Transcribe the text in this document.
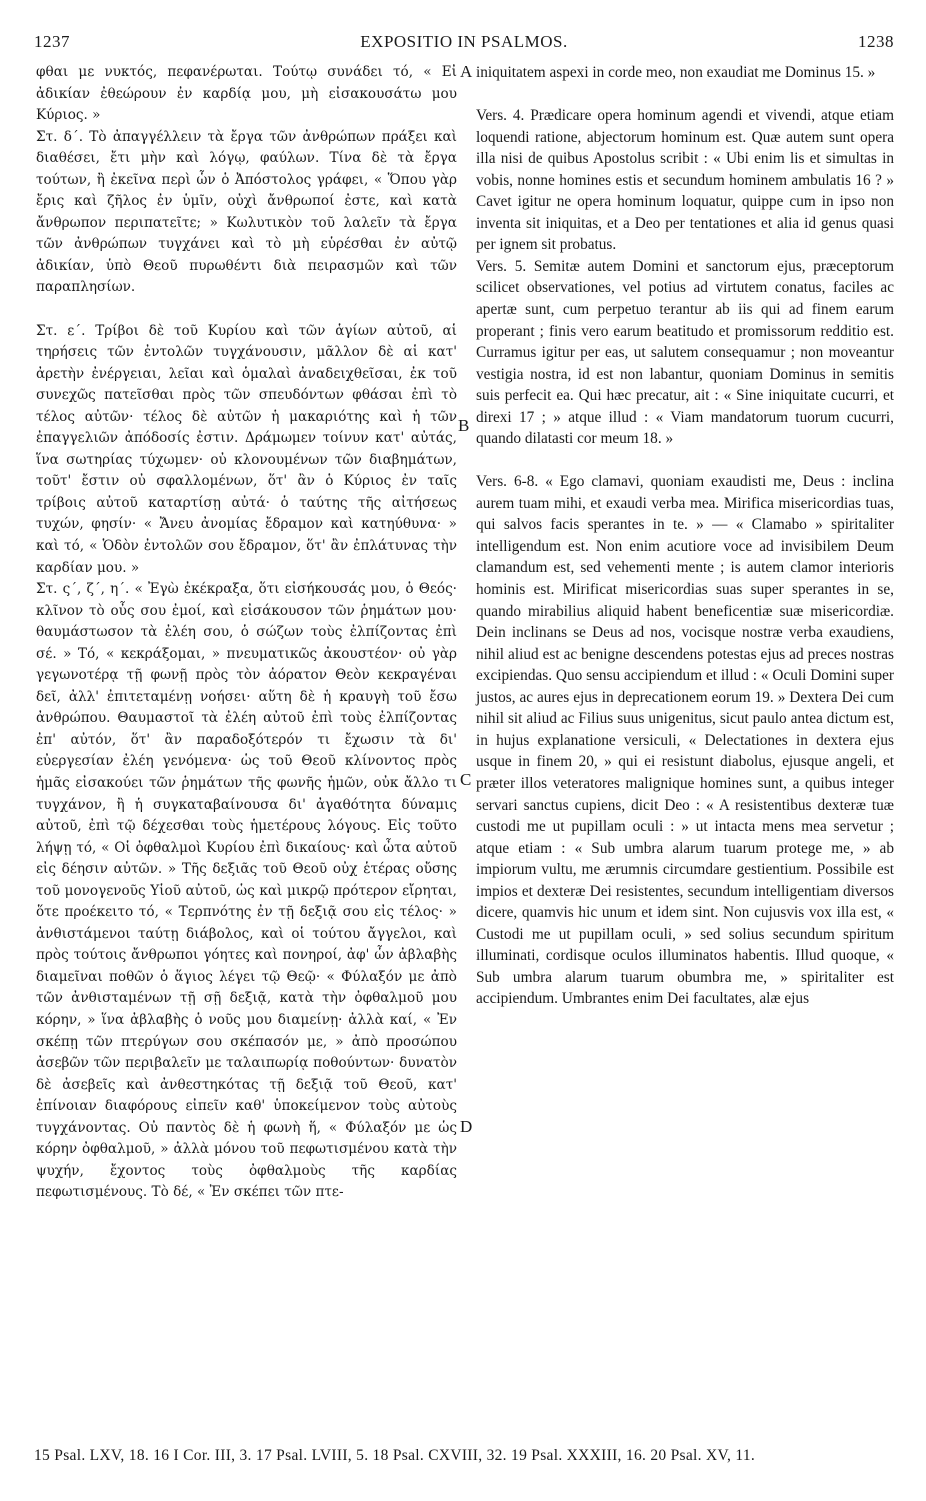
1237	EXPOSITIO IN PSALMOS.	1238

φθαι με νυκτός, πεφανέρωται. Τούτῳ συνάδει τό, « Εἰ ἀδικίαν ἐθεώρουν ἐν καρδίᾳ μου, μὴ εἰσακουσάτω μου Κύριος. »

Στ. δ΄. Τὸ ἀπαγγέλλειν τὰ ἔργα τῶν ἀνθρώπων πράξει καὶ διαθέσει, ἔτι μὴν καὶ λόγῳ, φαύλων. Τίνα δὲ τὰ ἔργα τούτων, ἢ ἐκεῖνα περὶ ὧν ὁ Ἀπόστολος γράφει, « Ὅπου γὰρ ἔρις καὶ ζῆλος ἐν ὑμῖν, οὐχὶ ἄνθρωποί ἐστε, καὶ κατὰ ἄνθρωπον περιπατεῖτε; » Κωλυτικὸν τοῦ λαλεῖν τὰ ἔργα τῶν ἀνθρώπων τυγχάνει καὶ τὸ μὴ εὑρέσθαι ἐν αὐτῷ ἀδικίαν, ὑπὸ Θεοῦ πυρωθέντι διὰ πειρασμῶν καὶ τῶν παραπλησίων.

Στ. ε΄. Τρίβοι δὲ τοῦ Κυρίου καὶ τῶν ἁγίων αὐτοῦ, αἱ τηρήσεις τῶν ἐντολῶν τυγχάνουσιν, μᾶλλον δὲ αἱ κατ' ἀρετὴν ἐνέργειαι, λεῖαι καὶ ὁμαλαὶ ἀναδειχθεῖσαι, ἐκ τοῦ συνεχῶς πατεῖσθαι πρὸς τῶν σπευδόντων φθάσαι ἐπὶ τὸ τέλος αὐτῶν· τέλος δὲ αὐτῶν ἡ μακαριότης καὶ ἡ τῶν ἐπαγγελιῶν ἀπόδοσίς ἐστιν. Δράμωμεν τοίνυν κατ' αὐτάς, ἵνα σωτηρίας τύχωμεν· οὐ κλονουμένων τῶν διαβημάτων, τοῦτ' ἔστιν οὐ σφαλλομένων, ὅτ' ἂν ὁ Κύριος ἐν ταῖς τρίβοις αὐτοῦ καταρτίσῃ αὐτά· ὁ ταύτης τῆς αἰτήσεως τυχών, φησίν· « Ἄνευ ἀνομίας ἔδραμον καὶ κατηύθυνα· » καὶ τό, « Ὁδὸν ἐντολῶν σου ἔδραμον, ὅτ' ἂν ἐπλάτυνας τὴν καρδίαν μου. »

Στ. ς΄, ζ΄, η΄. « Ἐγὼ ἐκέκραξα, ὅτι εἰσήκουσάς μου, ὁ Θεός· κλῖνον τὸ οὖς σου ἐμοί, καὶ εἰσάκουσον τῶν ῥημάτων μου· θαυμάστωσον τὰ ἐλέη σου, ὁ σώζων τοὺς ἐλπίζοντας ἐπὶ σέ. » Τό, « κεκράξομαι, » πνευματικῶς ἀκουστέον· οὐ γὰρ γεγωνοτέρᾳ τῇ φωνῇ πρὸς τὸν ἀόρατον Θεὸν κεκραγέναι δεῖ, ἀλλ' ἐπιτεταμένῃ νοήσει· αὕτη δὲ ἡ κραυγὴ τοῦ ἔσω ἀνθρώπου. Θαυμαστοῖ τὰ ἐλέη αὐτοῦ ἐπὶ τοὺς ἐλπίζοντας ἐπ' αὐτόν, ὅτ' ἂν παραδοξότερόν τι ἔχωσιν τὰ δι' εὐεργεσίαν ἐλέη γενόμενα· ὡς τοῦ Θεοῦ κλίνοντος πρὸς ἡμᾶς εἰσακούει τῶν ῥημάτων τῆς φωνῆς ἡμῶν, οὐκ ἄλλο τι τυγχάνον, ἢ ἡ συγκαταβαίνουσα δι' ἀγαθότητα δύναμις αὐτοῦ, ἐπὶ τῷ δέχεσθαι τοὺς ἡμετέρους λόγους. Εἰς τοῦτο λήψῃ τό, « Οἱ ὀφθαλμοὶ Κυρίου ἐπὶ δικαίους· καὶ ὦτα αὐτοῦ εἰς δέησιν αὐτῶν. » Τῆς δεξιᾶς τοῦ Θεοῦ οὐχ ἑτέρας οὔσης τοῦ μονογενοῦς Υἱοῦ αὐτοῦ, ὡς καὶ μικρῷ πρότερον εἴρηται, ὅτε προέκειτο τό, « Τερπνότης ἐν τῇ δεξιᾷ σου εἰς τέλος· » ἀνθιστάμενοι ταύτῃ διάβολος, καὶ οἱ τούτου ἄγγελοι, καὶ πρὸς τούτοις ἄνθρωποι γόητες καὶ πονηροί, ἀφ' ὧν ἀβλαβὴς διαμεῖναι ποθῶν ὁ ἅγιος λέγει τῷ Θεῷ· « Φύλαξόν με ἀπὸ τῶν ἀνθισταμένων τῇ σῇ δεξιᾷ, κατὰ τὴν ὀφθαλμοῦ μου κόρην, » ἵνα ἀβλαβὴς ὁ νοῦς μου διαμείνῃ· ἀλλὰ καί, « Ἐν σκέπῃ τῶν πτερύγων σου σκέπασόν με, » ἀπὸ προσώπου ἀσεβῶν τῶν περιβαλεῖν με ταλαιπωρίᾳ ποθούντων· δυνατὸν δὲ ἀσεβεῖς καὶ ἀνθεστηκότας τῇ δεξιᾷ τοῦ Θεοῦ, κατ' ἐπίνοιαν διαφόρους εἰπεῖν καθ' ὑποκείμενον τοὺς αὐτοὺς τυγχάνοντας. Οὐ παντὸς δὲ ἡ φωνὴ ἥ, « Φύλαξόν με ὡς κόρην ὀφθαλμοῦ, » ἀλλὰ μόνου τοῦ πεφωτισμένου κατὰ τὴν ψυχήν, ἔχοντος τοὺς ὀφθαλμοὺς τῆς καρδίας πεφωτισμένους. Τὸ δέ, « Ἐν σκέπει τῶν πτε-

A
B
C
D

iniquitatem aspexi in corde meo, non exaudiat me Dominus 15. »

Vers. 4. Prædicare opera hominum agendi et vivendi, atque etiam loquendi ratione, abjectorum hominum est. Quæ autem sunt opera illa nisi de quibus Apostolus scribit : « Ubi enim lis et simultas in vobis, nonne homines estis et secundum hominem ambulatis 16 ? » Cavet igitur ne opera hominum loquatur, quippe cum in ipso non inventa sit iniquitas, et a Deo per tentationes et alia id genus quasi per ignem sit probatus.

Vers. 5. Semitæ autem Domini et sanctorum ejus, præceptorum scilicet observationes, vel potius ad virtutem conatus, faciles ac apertæ sunt, cum perpetuo terantur ab iis qui ad finem earum properant ; finis vero earum beatitudo et promissorum redditio est. Curramus igitur per eas, ut salutem consequamur ; non moveantur vestigia nostra, id est non labantur, quoniam Dominus in semitis suis perfecit ea. Qui hæc precatur, ait : « Sine iniquitate cucurri, et direxi 17 ; » atque illud : « Viam mandatorum tuorum cucurri, quando dilatasti cor meum 18. »

Vers. 6-8. « Ego clamavi, quoniam exaudisti me, Deus : inclina aurem tuam mihi, et exaudi verba mea. Mirifica misericordias tuas, qui salvos facis sperantes in te. » — « Clamabo » spiritaliter intelligendum est. Non enim acutiore voce ad invisibilem Deum clamandum est, sed vehementi mente ; is autem clamor interioris hominis est. Mirificat misericordias suas super sperantes in se, quando mirabilius aliquid habent beneficentiæ suæ misericordiæ. Dein inclinans se Deus ad nos, vocisque nostræ verba exaudiens, nihil aliud est ac benigne descendens potestas ejus ad preces nostras excipiendas. Quo sensu accipiendum et illud : « Oculi Domini super justos, ac aures ejus in deprecationem eorum 19. » Dextera Dei cum nihil sit aliud ac Filius suus unigenitus, sicut paulo antea dictum est, in hujus explanatione versiculi, « Delectationes in dextera ejus usque in finem 20, » qui ei resistunt diabolus, ejusque angeli, et præter illos veteratores malignique homines sunt, a quibus integer servari sanctus cupiens, dicit Deo : « A resistentibus dexteræ tuæ custodi me ut pupillam oculi : » ut intacta mens mea servetur ; atque etiam : « Sub umbra alarum tuarum protege me, » ab impiorum vultu, me ærumnis circumdare gestientium. Possibile est impios et dexteræ Dei resistentes, secundum intelligentiam diversos dicere, quamvis hic unum et idem sint. Non cujusvis vox illa est, « Custodi me ut pupillam oculi, » sed solius secundum spiritum illuminati, cordisque oculos illuminatos habentis. Illud quoque, « Sub umbra alarum tuarum obumbra me, » spiritaliter est accipiendum. Umbrantes enim Dei facultates, alæ ejus

15 Psal. LXV, 18. 16 I Cor. III, 3. 17 Psal. LVIII, 5. 18 Psal. CXVIII, 32. 19 Psal. XXXIII, 16. 20 Psal. XV, 11.
